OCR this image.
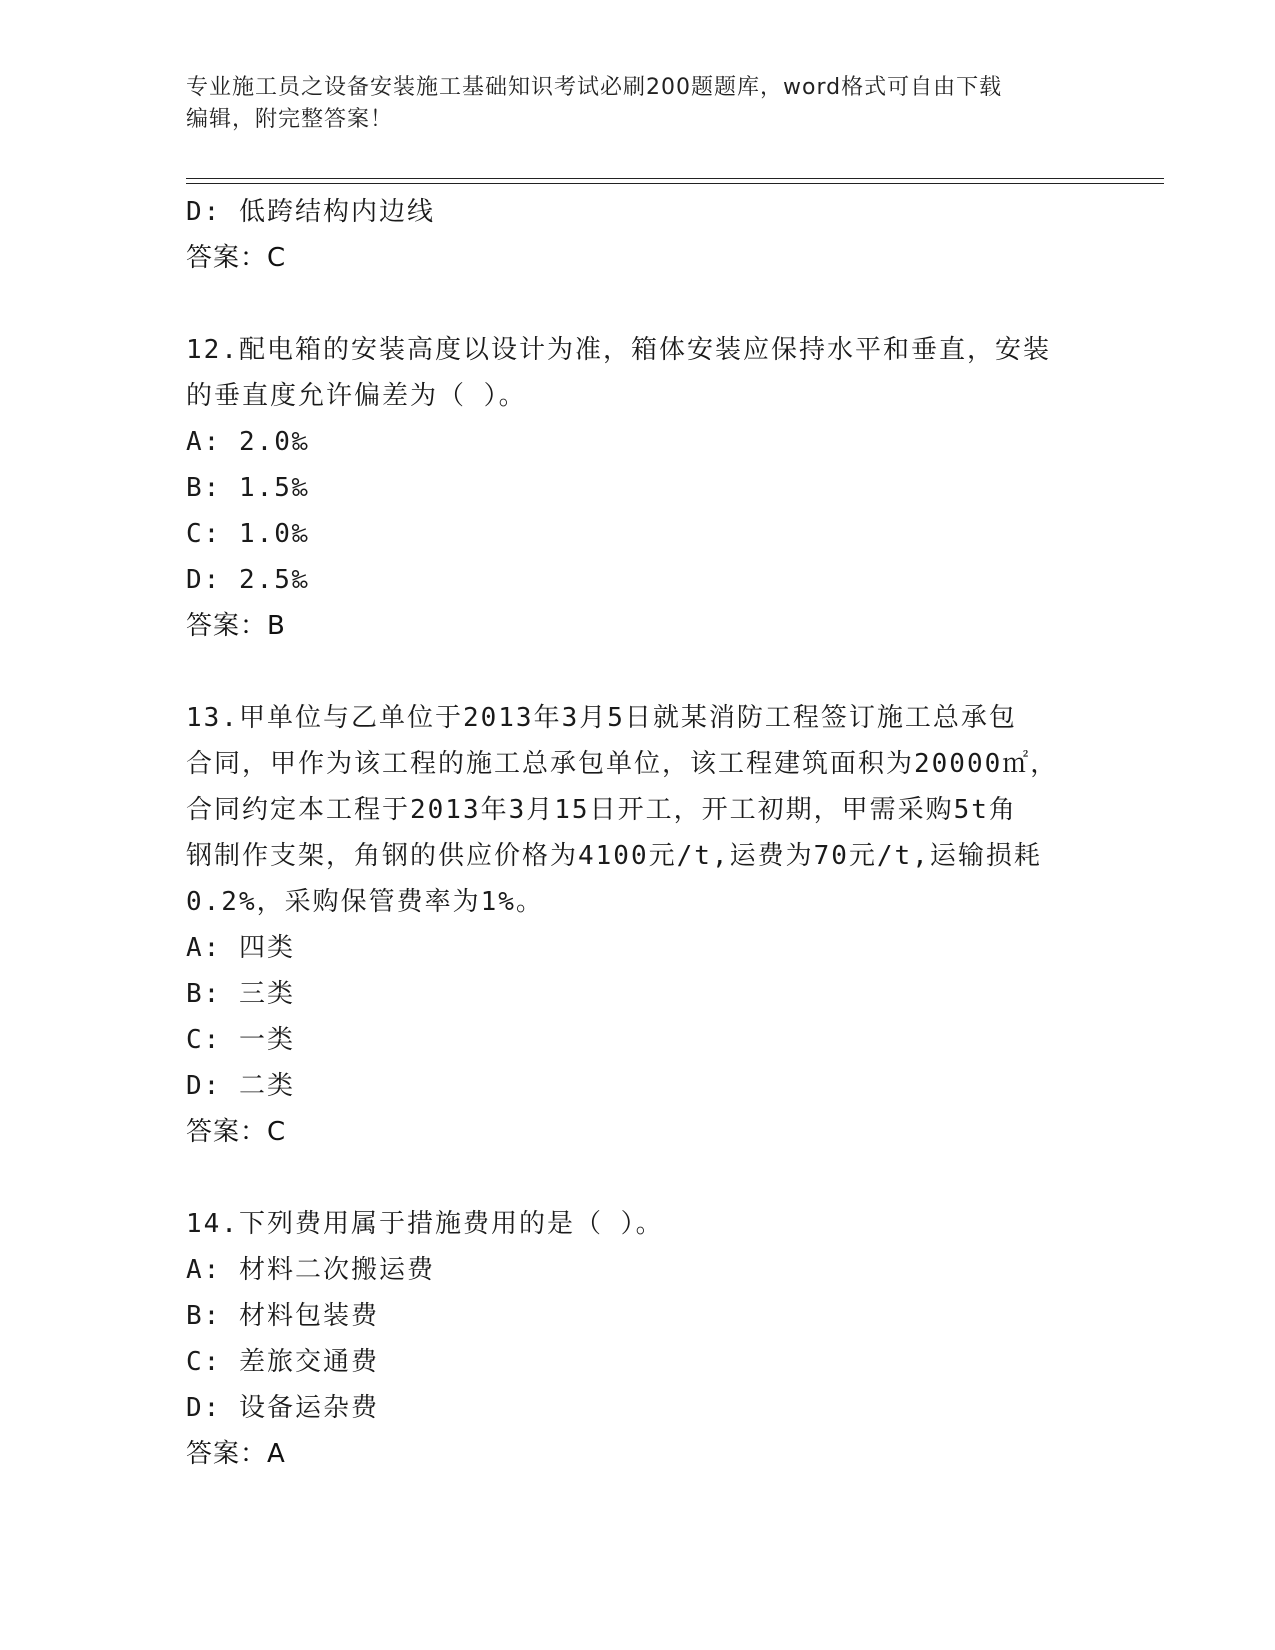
专业施工员之设备安装施工基础知识考试必刷200题题库，word格式可自由下载
编辑，附完整答案！
D: 低跨结构内边线
答案：C
12.配电箱的安装高度以设计为准，箱体安装应保持水平和垂直，安装
的垂直度允许偏差为（ ）。
A: 2.0‰
B: 1.5‰
C: 1.0‰
D: 2.5‰
答案：B
13.甲单位与乙单位于2013年3月5日就某消防工程签订施工总承包
合同，甲作为该工程的施工总承包单位，该工程建筑面积为20000㎡，
合同约定本工程于2013年3月15日开工，开工初期，甲需采购5t角
钢制作支架，角钢的供应价格为4100元/t,运费为70元/t,运输损耗
0.2%，采购保管费率为1%。
A: 四类
B: 三类
C: 一类
D: 二类
答案：C
14.下列费用属于措施费用的是（ ）。
A: 材料二次搬运费
B: 材料包装费
C: 差旅交通费
D: 设备运杂费
答案：A
